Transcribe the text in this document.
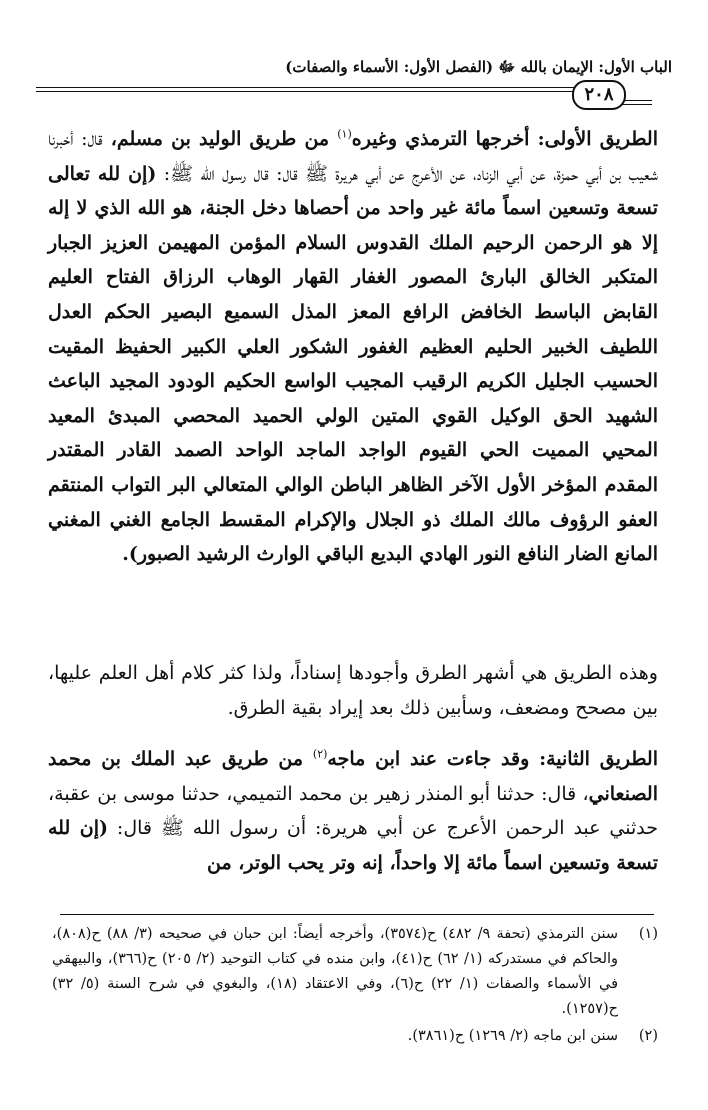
الباب الأول: الإيمان بالله ﷻ (الفصل الأول: الأسماء والصفات)
٢٠٨
الطريق الأولى: أخرجها الترمذي وغيره$^{(١)}$ من طريق الوليد بن مسلم، قال: أخبرنا شعيب بن أبي حمزة، عن أبي الزناد، عن الأعرج عن أبي هريرة ﷺ قال: قال رسول الله ﷺ: (إن لله تعالى تسعة وتسعين اسماً مائة غير واحد من أحصاها دخل الجنة، هو الله الذي لا إله إلا هو الرحمن الرحيم الملك القدوس السلام المؤمن المهيمن العزيز الجبار المتكبر الخالق البارئ المصور الغفار القهار الوهاب الرزاق الفتاح العليم القابض الباسط الخافض الرافع المعز المذل السميع البصير الحكم العدل اللطيف الخبير الحليم العظيم الغفور الشكور العلي الكبير الحفيظ المقيت الحسيب الجليل الكريم الرقيب المجيب الواسع الحكيم الودود المجيد الباعث الشهيد الحق الوكيل القوي المتين الولي الحميد المحصي المبدئ المعيد المحيي المميت الحي القيوم الواجد الماجد الواحد الصمد القادر المقتدر المقدم المؤخر الأول الآخر الظاهر الباطن الوالي المتعالي البر التواب المنتقم العفو الرؤوف مالك الملك ذو الجلال والإكرام المقسط الجامع الغني المغني المانع الضار النافع النور الهادي البديع الباقي الوارث الرشيد الصبور).
وهذه الطريق هي أشهر الطرق وأجودها إسناداً، ولذا كثر كلام أهل العلم عليها، بين مصحح ومضعف، وسأبين ذلك بعد إيراد بقية الطرق.
الطريق الثانية: وقد جاءت عند ابن ماجه$^{(٢)}$ من طريق عبد الملك بن محمد الصنعاني، قال: حدثنا أبو المنذر زهير بن محمد التميمي، حدثنا موسى بن عقبة، حدثني عبد الرحمن الأعرج عن أبي هريرة: أن رسول الله ﷺ قال: (إن لله تسعة وتسعين اسماً مائة إلا واحداً، إنه وتر يحب الوتر، من
(١)
سنن الترمذي (تحفة ٩/ ٤٨٢) ح(٣٥٧٤)، وأخرجه أيضاً: ابن حبان في صحيحه (٣/ ٨٨) ح(٨٠٨)، والحاكم في مستدركه (١/ ٦٢) ح(٤١)، وابن منده في كتاب التوحيد (٢/ ٢٠٥) ح(٣٦٦)، والبيهقي في الأسماء والصفات (١/ ٢٢) ح(٦)، وفي الاعتقاد (١٨)، والبغوي في شرح السنة (٥/ ٣٢) ح(١٢٥٧).
(٢)
سنن ابن ماجه (٢/ ١٢٦٩) ح(٣٨٦١).
